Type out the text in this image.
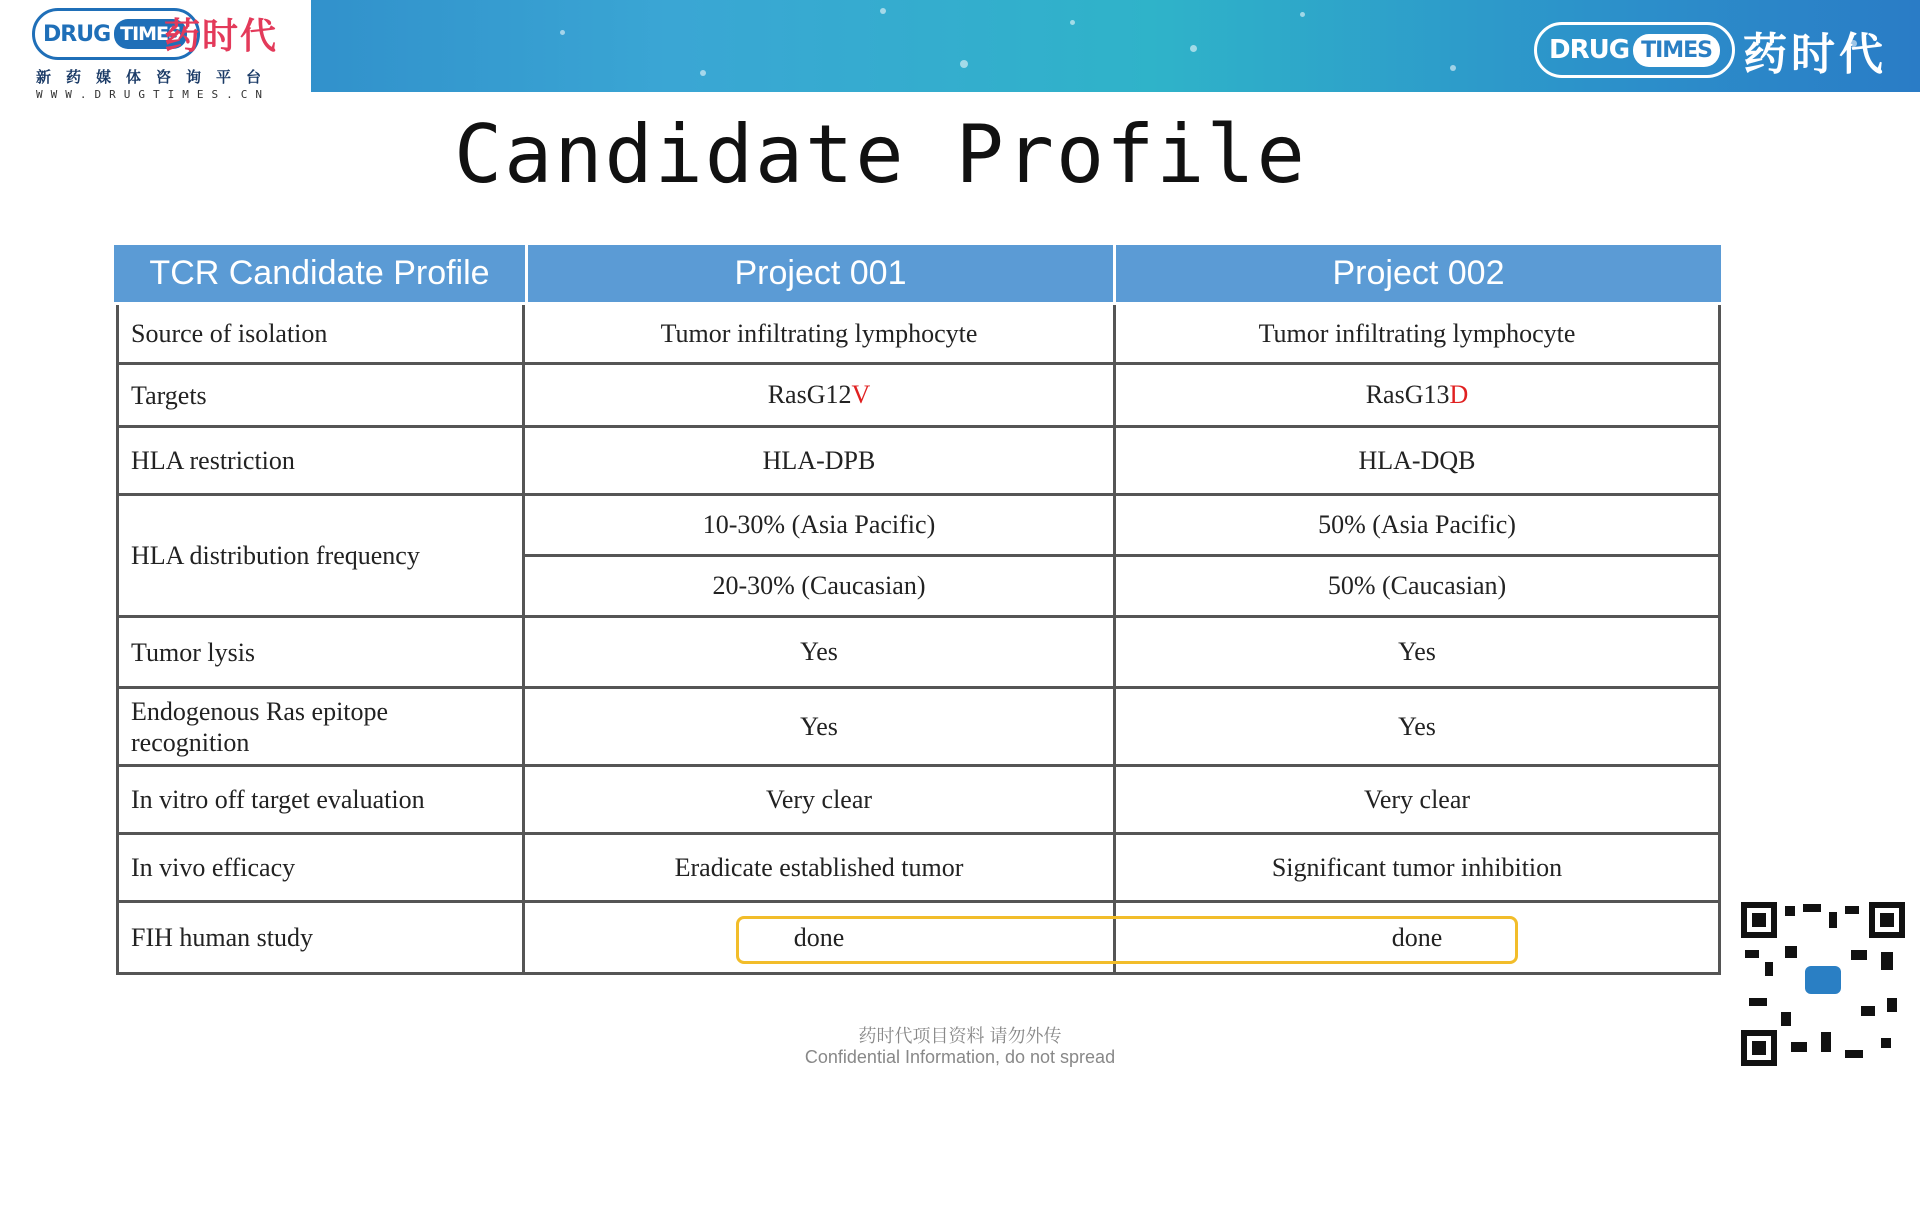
DRUG TIMES 药时代
DRUG TIMES
药时代
新药媒体咨询平台
WWW.DRUGTIMES.CN
Candidate Profile
TCR Candidate Profile	Project 001	Project 002
Source of isolation	Tumor infiltrating lymphocyte	Tumor infiltrating lymphocyte
Targets	RasG12 V	RasG13 D
HLA restriction	HLA-DPB	HLA-DQB
HLA distribution frequency
10-30% (Asia Pacific)	50% (Asia Pacific)
20-30% (Caucasian)	50% (Caucasian)
Tumor lysis	Yes	Yes
Endogenous Ras epitope
recognition
Yes	Yes
In vitro off target evaluation	Very clear	Very clear
In vivo efficacy	Eradicate established tumor	Significant tumor inhibition
FIH human study	done	done
药时代项目资料 请勿外传
Confidential Information, do not spread
